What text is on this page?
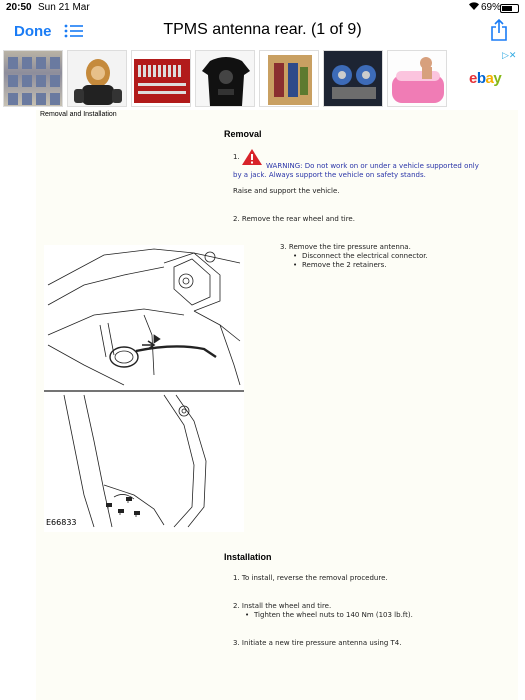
20:50 Sun 21 Mar	69%
Done	TPMS antenna rear. (1 of 9)
▷✕
ebay
Removal and Installation
Removal
1.
WARNING: Do not work on or under a vehicle supported only
by a jack. Always support the vehicle on safety stands.
Raise and support the vehicle.
2. Remove the rear wheel and tire.
3. Remove the tire pressure antenna.
• Disconnect the electrical connector.
• Remove the 2 retainers.
Installation
1. To install, reverse the removal procedure.
2. Install the wheel and tire.
• Tighten the wheel nuts to 140 Nm (103 lb.ft).
3. Initiate a new tire pressure antenna using T4.
E66833
